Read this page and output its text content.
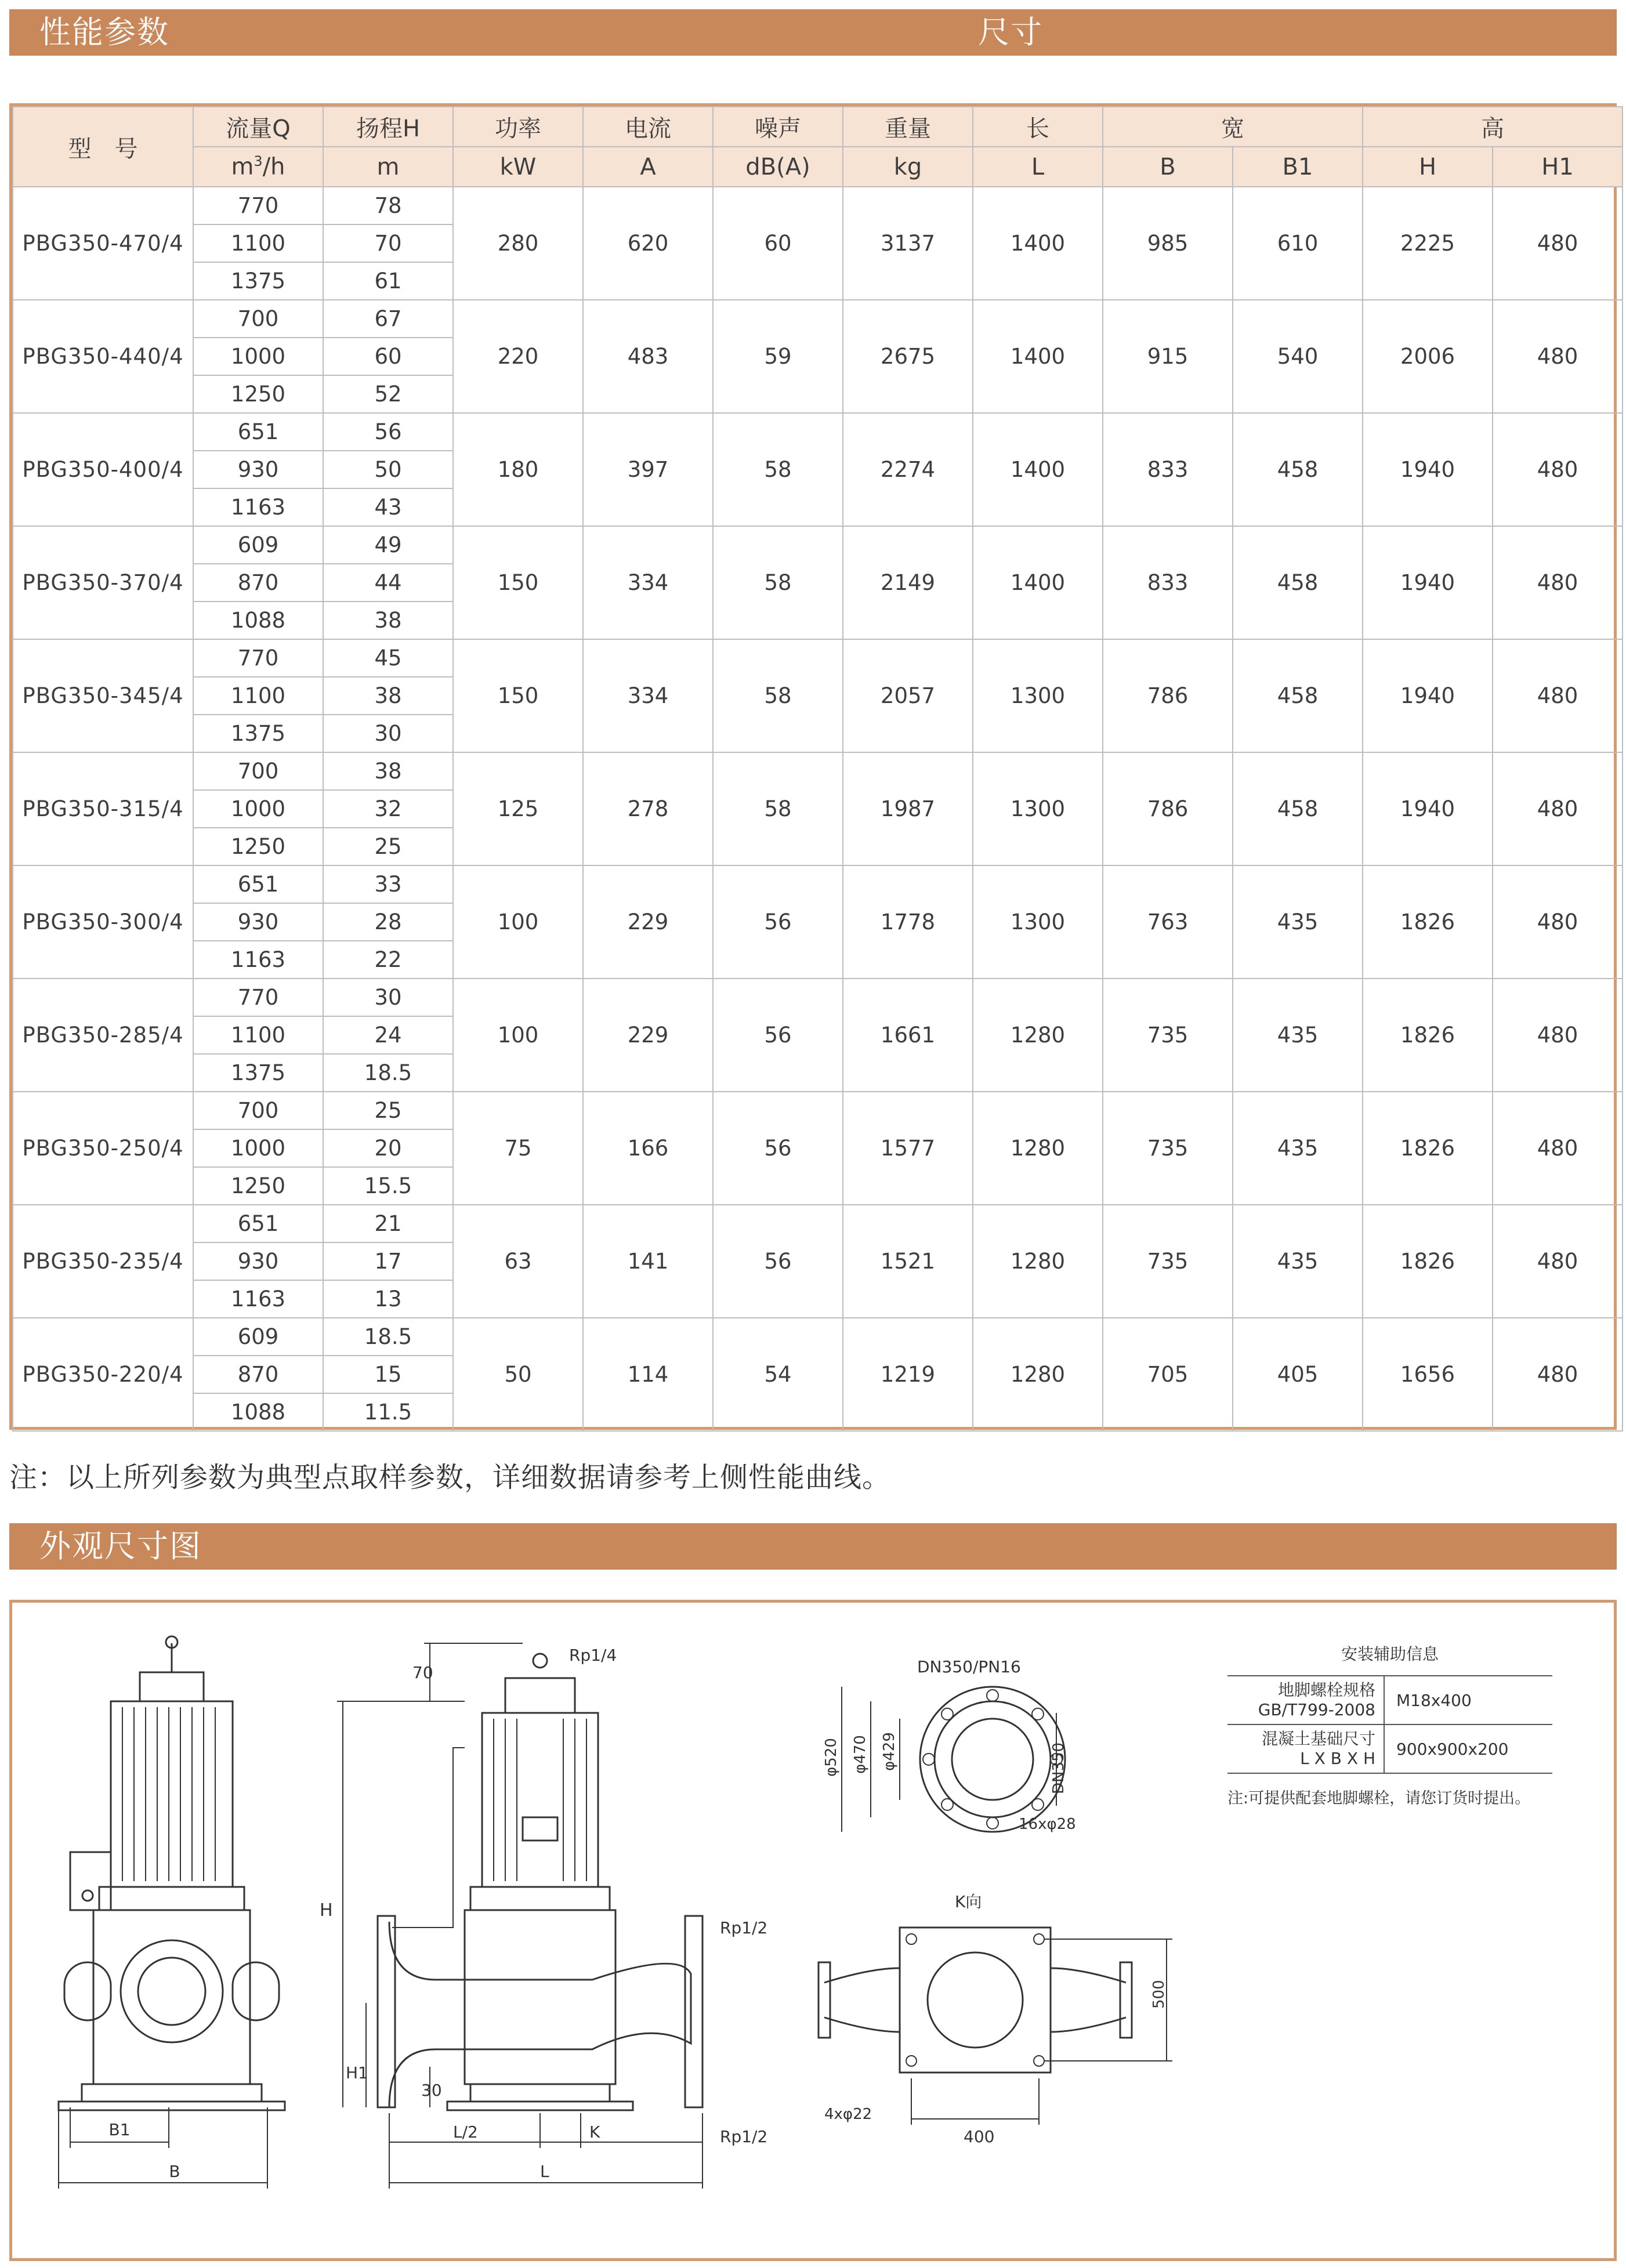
性能参数	尺寸
型　号	流量Q	扬程H	功率	电流	噪声	重量	长	宽		高	
	$m^3/h$	m	kW	A	dB(A)	kg	L	B	B1	H	H1
PBG350-470/4	770	78	280	620	60	3137	1400	985	610	2225	480
	1100	70									
	1375	61									
PBG350-440/4	700	67	220	483	59	2675	1400	915	540	2006	480
	1000	60									
	1250	52									
PBG350-400/4	651	56	180	397	58	2274	1400	833	458	1940	480
	930	50									
	1163	43									
PBG350-370/4	609	49	150	334	58	2149	1400	833	458	1940	480
	870	44									
	1088	38									
PBG350-345/4	770	45	150	334	58	2057	1300	786	458	1940	480
	1100	38									
	1375	30									
PBG350-315/4	700	38	125	278	58	1987	1300	786	458	1940	480
	1000	32									
	1250	25									
PBG350-300/4	651	33	100	229	56	1778	1300	763	435	1826	480
	930	28									
	1163	22									
PBG350-285/4	770	30	100	229	56	1661	1280	735	435	1826	480
	1100	24									
	1375	18.5									
PBG350-250/4	700	25	75	166	56	1577	1280	735	435	1826	480
	1000	20									
	1250	15.5									
PBG350-235/4	651	21	63	141	56	1521	1280	735	435	1826	480
	930	17									
	1163	13									
PBG350-220/4	609	18.5	50	114	54	1219	1280	705	405	1656	480
	870	15									
	1088	11.5									
注：以上所列参数为典型点取样参数，详细数据请参考上侧性能曲线。
外观尺寸图
B1
B
H
H1
70
30
L/2
L
K
Rp1/4
Rp1/2
Rp1/2
DN350/PN16
φ520 φ470 φ429	DN350
16xφ28
K向
4xφ22
400
500
安装辅助信息
地脚螺栓规格
GB/T799-2008	M18x400
混凝土基础尺寸
L X B X H	900x900x200
注:可提供配套地脚螺栓，请您订货时提出。
